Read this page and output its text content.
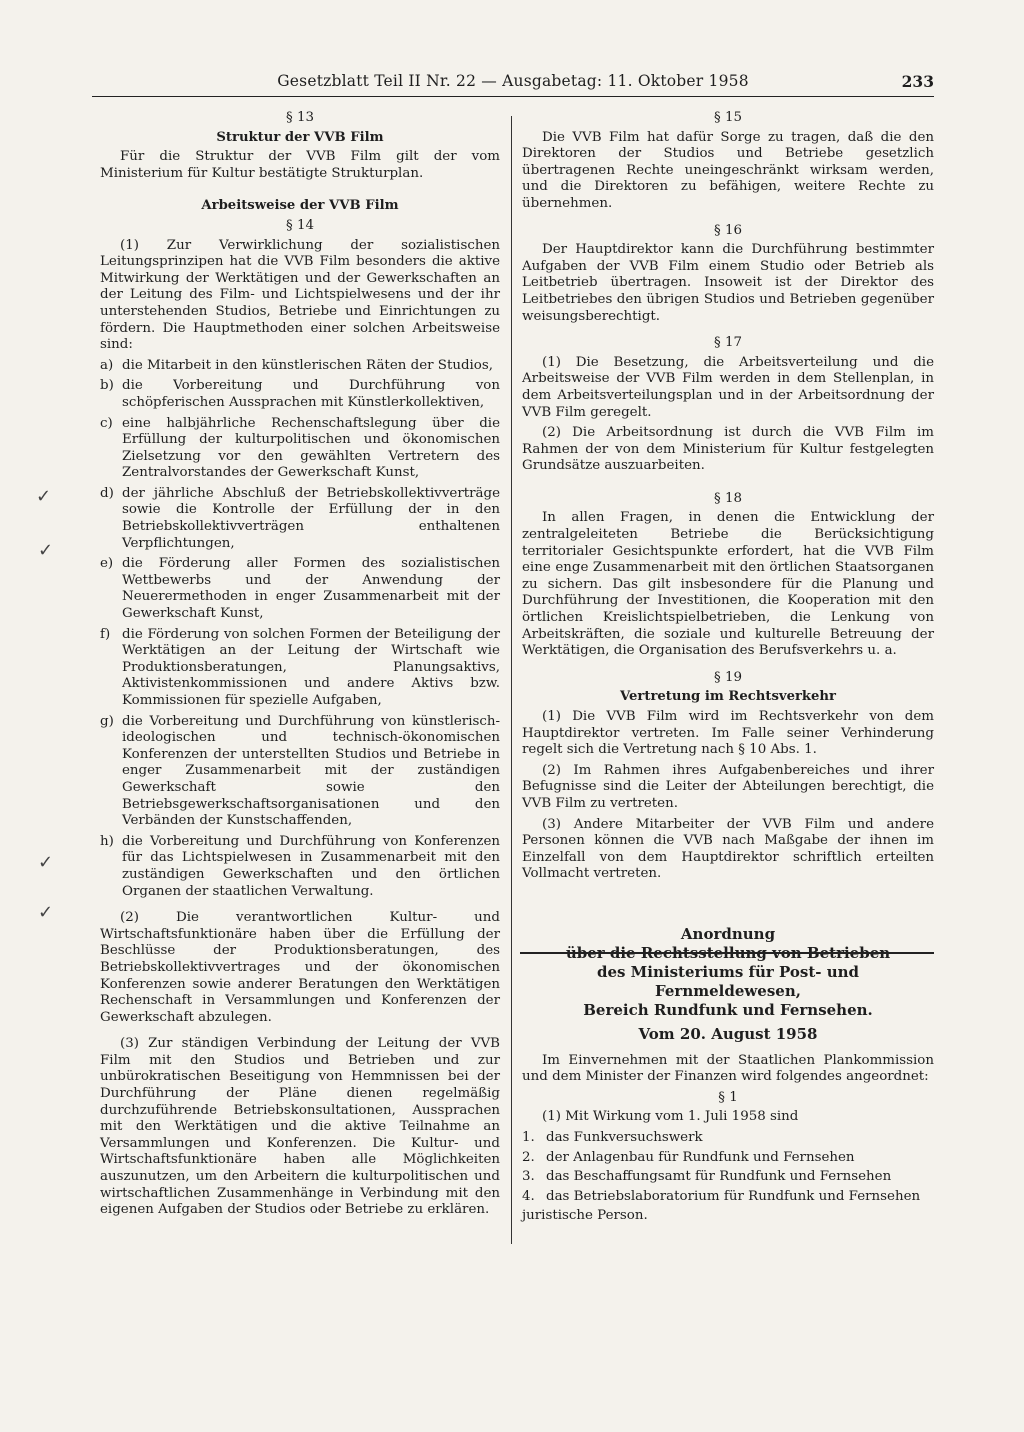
Gesetzblatt Teil II Nr. 22 — Ausgabetag: 11. Oktober 1958	233
§ 13
Struktur der VVB Film

Für die Struktur der VVB Film gilt der vom Ministerium für Kultur bestätigte Strukturplan.

Arbeitsweise der VVB Film
§ 14

(1) Zur Verwirklichung der sozialistischen Leitungsprinzipen hat die VVB Film besonders die aktive Mitwirkung der Werktätigen und der Gewerkschaften an der Leitung des Film- und Lichtspielwesens und der ihr unterstehenden Studios, Betriebe und Einrichtungen zu fördern. Die Hauptmethoden einer solchen Arbeitsweise sind:

a) die Mitarbeit in den künstlerischen Räten der Studios,
b) die Vorbereitung und Durchführung von schöpferischen Aussprachen mit Künstlerkollektiven,
c) eine halbjährliche Rechenschaftslegung über die Erfüllung der kulturpolitischen und ökonomischen Zielsetzung vor den gewählten Vertretern des Zentralvorstandes der Gewerkschaft Kunst,
d) der jährliche Abschluß der Betriebskollektivverträge sowie die Kontrolle der Erfüllung der in den Betriebskollektivverträgen enthaltenen Verpflichtungen,
e) die Förderung aller Formen des sozialistischen Wettbewerbs und der Anwendung der Neuerermethoden in enger Zusammenarbeit mit der Gewerkschaft Kunst,
f) die Förderung von solchen Formen der Beteiligung der Werktätigen an der Leitung der Wirtschaft wie Produktionsberatungen, Planungsaktivs, Aktivistenkommissionen und andere Aktivs bzw. Kommissionen für spezielle Aufgaben,
g) die Vorbereitung und Durchführung von künstlerisch-ideologischen und technisch-ökonomischen Konferenzen der unterstellten Studios und Betriebe in enger Zusammenarbeit mit der zuständigen Gewerkschaft sowie den Betriebsgewerkschaftsorganisationen und den Verbänden der Kunstschaffenden,
h) die Vorbereitung und Durchführung von Konferenzen für das Lichtspielwesen in Zusammenarbeit mit den zuständigen Gewerkschaften und den örtlichen Organen der staatlichen Verwaltung.

(2) Die verantwortlichen Kultur- und Wirtschaftsfunktionäre haben über die Erfüllung der Beschlüsse der Produktionsberatungen, des Betriebskollektivvertrages und der ökonomischen Konferenzen sowie anderer Beratungen den Werktätigen Rechenschaft in Versammlungen und Konferenzen der Gewerkschaft abzulegen.

(3) Zur ständigen Verbindung der Leitung der VVB Film mit den Studios und Betrieben und zur unbürokratischen Beseitigung von Hemmnissen bei der Durchführung der Pläne dienen regelmäßig durchzuführende Betriebskonsultationen, Aussprachen mit den Werktätigen und die aktive Teilnahme an Versammlungen und Konferenzen. Die Kultur- und Wirtschaftsfunktionäre haben alle Möglichkeiten auszunutzen, um den Arbeitern die kulturpolitischen und wirtschaftlichen Zusammenhänge in Verbindung mit den eigenen Aufgaben der Studios oder Betriebe zu erklären.

§ 15

Die VVB Film hat dafür Sorge zu tragen, daß die den Direktoren der Studios und Betriebe gesetzlich übertragenen Rechte uneingeschränkt wirksam werden, und die Direktoren zu befähigen, weitere Rechte zu übernehmen.

§ 16

Der Hauptdirektor kann die Durchführung bestimmter Aufgaben der VVB Film einem Studio oder Betrieb als Leitbetrieb übertragen. Insoweit ist der Direktor des Leitbetriebes den übrigen Studios und Betrieben gegenüber weisungsberechtigt.

§ 17

(1) Die Besetzung, die Arbeitsverteilung und die Arbeitsweise der VVB Film werden in dem Stellenplan, in dem Arbeitsverteilungsplan und in der Arbeitsordnung der VVB Film geregelt.

(2) Die Arbeitsordnung ist durch die VVB Film im Rahmen der von dem Ministerium für Kultur festgelegten Grundsätze auszuarbeiten.

§ 18

In allen Fragen, in denen die Entwicklung der zentralgeleiteten Betriebe die Berücksichtigung territorialer Gesichtspunkte erfordert, hat die VVB Film eine enge Zusammenarbeit mit den örtlichen Staatsorganen zu sichern. Das gilt insbesondere für die Planung und Durchführung der Investitionen, die Kooperation mit den örtlichen Kreislichtspielbetrieben, die Lenkung von Arbeitskräften, die soziale und kulturelle Betreuung der Werktätigen, die Organisation des Berufsverkehrs u. a.

§ 19
Vertretung im Rechtsverkehr

(1) Die VVB Film wird im Rechtsverkehr von dem Hauptdirektor vertreten. Im Falle seiner Verhinderung regelt sich die Vertretung nach § 10 Abs. 1.

(2) Im Rahmen ihres Aufgabenbereiches und ihrer Befugnisse sind die Leiter der Abteilungen berechtigt, die VVB Film zu vertreten.

(3) Andere Mitarbeiter der VVB Film und andere Personen können die VVB nach Maßgabe der ihnen im Einzelfall von dem Hauptdirektor schriftlich erteilten Vollmacht vertreten.

Anordnung
über die Rechtsstellung von Betrieben
des Ministeriums für Post- und Fernmeldewesen,
Bereich Rundfunk und Fernsehen.
Vom 20. August 1958

Im Einvernehmen mit der Staatlichen Plankommission und dem Minister der Finanzen wird folgendes angeordnet:

§ 1

(1) Mit Wirkung vom 1. Juli 1958 sind

1. das Funkversuchswerk
2. der Anlagenbau für Rundfunk und Fernsehen
3. das Beschaffungsamt für Rundfunk und Fernsehen
4. das Betriebslaboratorium für Rundfunk und Fernsehen

juristische Person.

✓
✓
✓
✓
